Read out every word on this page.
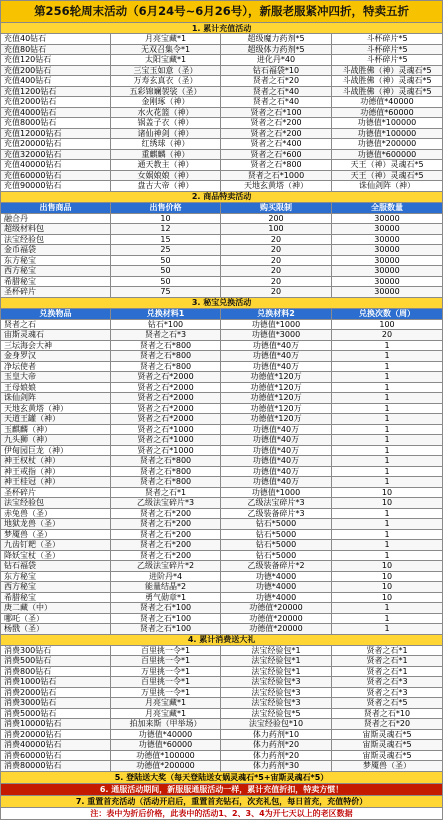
第256轮周末活动（6月24号~6月26号），新服老服紧冲四折，特卖五折			
1. 累计充值活动			
充值40钻石	月亮宝藏*1	超级魔力药剂*5	斗杯碎片*5
充值80钻石	无双召集令*1	超级体力药剂*5	斗杯碎片*5
充值120钻石	太阳宝藏*1	进化丹*40	斗杯碎片*5
充值200钻石	三宝玉如意（圣）	钻石福袋*10	斗战胜佛（神）灵魂石*5
充值400钻石	万寿玄真衣（圣）	贤者之石*20	斗战胜佛（神）灵魂石*5
充值1200钻石	五彩锦斓袈裟（圣）	贤者之石*40	斗战胜佛（神）灵魂石*5
充值2000钻石	金刚琢（神）	贤者之石*40	功德值*40000
充值4000钻石	水火花篮（神）	贤者之石*100	功德值*60000
充值8000钻石	锅盖子衣（神）	贤者之石*200	功德值*100000
充值12000钻石	诸仙神剑（神）	贤者之石*200	功德值*100000
充值20000钻石	红绣球（神）	贤者之石*400	功德值*200000
充值32000钻石	重麒麟（神）	贤者之石*600	功德值*600000
充值40000钻石	通天教主（神）	贤者之石*800	天王（神）灵魂石*5
充值60000钻石	女娲娘娘（神）	贤者之石*1000	天王（神）灵魂石*5
充值90000钻石	盘古大帝（神）	天地玄黄塔（神）	诛仙剑阵（神）
2. 商品特卖活动			
出售商品	出售价格	购买限制	全服数量
融合丹	10	200	30000
超级材料包	12	100	30000
法宝经验包	15	20	30000
金币福袋	25	20	30000
东方秘宝	50	20	30000
西方秘宝	50	20	30000
希腊秘宝	50	20	30000
圣杯碎片	75	20	30000
3. 秘宝兑换活动			
兑换物品	兑换材料1	兑换材料2	兑换次数（周）
贤者之石	钻石*100	功德值*1000	100
宙斯灵魂石	贤者之石*3	功德值*3000	20
三坛海会大神	贤者之石*800	功德值*40万	1
金身罗汉	贤者之石*800	功德值*40万	1
净坛使者	贤者之石*800	功德值*40万	1
玉皇大帝	贤者之石*2000	功德值*120万	1
王母娘娘	贤者之石*2000	功德值*120万	1
诛仙剑阵	贤者之石*2000	功德值*120万	1
天地玄黄塔（神）	贤者之石*2000	功德值*120万	1
天道王罐（神）	贤者之石*2000	功德值*120万	1
玉麒麟（神）	贤者之石*1000	功德值*40万	1
九头狮（神）	贤者之石*1000	功德值*40万	1
伊甸园巨龙（神）	贤者之石*1000	功德值*40万	1
神王权杖（神）	贤者之石*800	功德值*40万	1
神王戒指（神）	贤者之石*800	功德值*40万	1
神王桂冠（神）	贤者之石*800	功德值*40万	1
圣杯碎片	贤者之石*1	功德值*1000	10
法宝经验包	乙级法宝碎片*3	乙级法宝碎片*3	10
赤兔兽（圣）	贤者之石*200	乙级装备碎片*3	1
地狱龙兽（圣）	贤者之石*200	钻石*5000	1
梦魇兽（圣）	贤者之石*200	钻石*5000	1
九齿钉耙（圣）	贤者之石*200	钻石*5000	1
降妖宝杖（圣）	贤者之石*200	钻石*5000	1
钻石福袋	乙级法宝碎片*2	乙级装备碎片*2	10
东方秘宝	进阶丹*4	功德*4000	10
西方秘宝	能量结晶*2	功德*4000	10
希腊秘宝	勇气勋章*1	功德*4000	10
庚二藏（中）	贤者之石*100	功德值*20000	1
哪吒（圣）	贤者之石*100	功德值*20000	1
杨戬（圣）	贤者之石*100	功德值*20000	1
4. 累计消费送大礼			
消费300钻石	百里挑一令*1	法宝经验包*1	贤者之石*1
消费500钻石	百里挑一令*1	法宝经验包*1	贤者之石*1
消费800钻石	万里挑一令*1	法宝经验包*1	贤者之石*1
消费1000钻石	百里挑一令*1	法宝经验包*3	贤者之石*3
消费2000钻石	万里挑一令*1	法宝经验包*3	贤者之石*3
消费3000钻石	月亮宝藏*1	法宝经验包*3	贤者之石*5
消费5000钻石	月亮宝藏*1	法宝经验包*5	贤者之石*10
消费10000钻石	拍加来斯（甲举场）	法宝经验包*10	贤者之石*20
消费20000钻石	功德值*40000	体力药剂*10	宙斯灵魂石*5
消费40000钻石	功德值*60000	体力药剂*20	宙斯灵魂石*5
消费60000钻石	功德值*100000	体力药剂*20	宙斯灵魂石*5
消费80000钻石	功德值*200000	体力药剂*30	梦魇兽（圣）
5. 登陆送大奖（每天登陆送女娲灵魂石*5+宙斯灵魂石*5）			
6. 通服活动期间，新服服通服活动一样，累计充值折扣，特卖方惯！			
7. 重置首充活动（活动开启后，重置首充钻石，次充礼包，每日首充，充值特价）			
注：表中为折后价格，此表中的活动1、2、3、4为开七天以上的老区数据			
